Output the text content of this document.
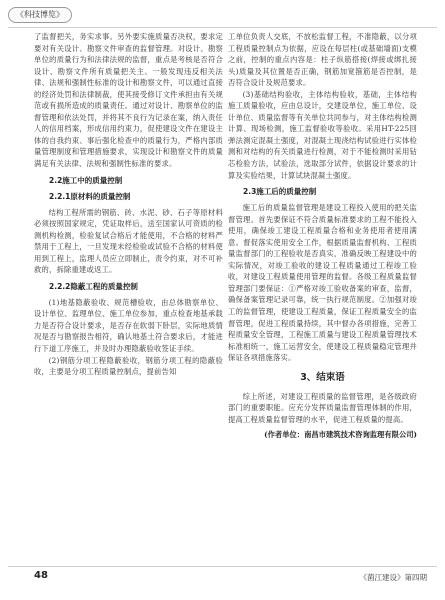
《科技博览》

了监督把关，务实求事。另外要实施质量否决权，要求定要对有关设计、勘察文件审查的监督管理。对设计、勘察单位的质量行为和法律法规的监督，重点是考核是否符合设计、勘察文件所有质量把关主。一般发现违反相关法律、法规和强制性标准的设计和勘察文件，可以通过直接的经济处罚和法律制裁，使其接受修订文件承担由有关规范或有损所造成的质量责任。通过对设计、勘察单位的监督管理和依法处罚，并将其不良行为记录在案，纳入责任人的信用档案，形成信用约束力，促使建设文件在建设主体的自我约束、事后强化检查中的质量行为，严格内部质量管理制度和管理措施要求，实现设计和勘察文件的质量满足有关法律、法规和强制性标准的要求。

2.2施工中的质量控制

2.2.1原材料的质量控制

结构工程所需的钢筋、砖、水泥、砂、石子等原材料必须按照国家规定，凭证取样后，送至国家认可资质的检测机构检测，检验复试合格后才能使用，不合格的材料严禁用于工程上，一旦发现未经检验或试验不合格的材料使用到工程上，监理人员应立即制止，责令约束，对不可补救的，拆除重建或返工。

2.2.2隐蔽工程的质量控制

(1)地基隐蔽验收、规范槽验收，由总体勘察单位、设计单位、监理单位、施工单位参加，重点检查地基承载力是否符合设计要求，是否存在软弱下卧层，实际地质情况是否与勘察报告相符，确认地基土符合要求后，才能进行下道工序施工，并及时办理隐蔽验收签证手续。

(2)钢筋分项工程隐蔽验收，钢筋分项工程的隐蔽验收，主要是分项工程质量控制点，提前告知

工单位负责人交底，不放松监督工程，不准隐蔽，以分项工程质量控制点为依据，应设在每层柱(或基础墙面)支模之前，控制的重点内容是：柱子纵筋搭接(焊接或绑扎接头)质量及其位置是否正确，钢筋加宽箍筋是否控制，是否符合设计及规范要求。

(3)基础结构验收，主体结构验收，基础，主体结构施工质量验收，应由总设计，交建设单位，施工单位、设计单位、质量监督等有关单位共同参与，对主体结构检测计算、现场检测，施工监督验收等验收。采用HT-225回弹法测定混凝土强度，对混凝土现浇结构试验进行实体检测和对结构的有关质量进行检测，对于不能检测时采用钻芯检验方法，试验法，选取部分试件，依据设计要求的计算及实验结果，计算试块混凝土强度。

2.3施工后的质量控制

施工后的质量监督管理是建设工程投入使用的把关监督管理。首先要保证不符合质量标准要求的工程不能投入使用，确保竣工建设工程质量合格和业务使用者使用满意。督促落实使用安全工作，根据质量监督机构、工程质量监督部门的工程验收是否真实，准确反映工程建设中的实际情况，对竣工验收的建设工程质量通过工程竣工验收，对建设工程质量使用管理的监督。各级工程质量监督管理部门要保证：①严格对竣工验收备案的审查，监督，确保备案管理记录可靠，统一执行规范制度。②加强对竣工的监督管理，使建设工程质量，保证工程质量安全的监督管理，促进工程质量持续，其中督办各项措施，完善工程质量安全管理，工程施工质量与建设工程质量管理技术标准相统一，施工运营安全，使建设工程质量稳定管理并保证各项措施落实。

3、结束语

综上所述，对建设工程质量的监督管理，是各级政府部门的重要职能。应充分发挥质量监督管理体制的作用，提高工程质量监督管理的水平，促进工程质量的提高。

(作者单位：南昌市建筑技术咨询监理有限公司)

48	《菌江建设》第四期
